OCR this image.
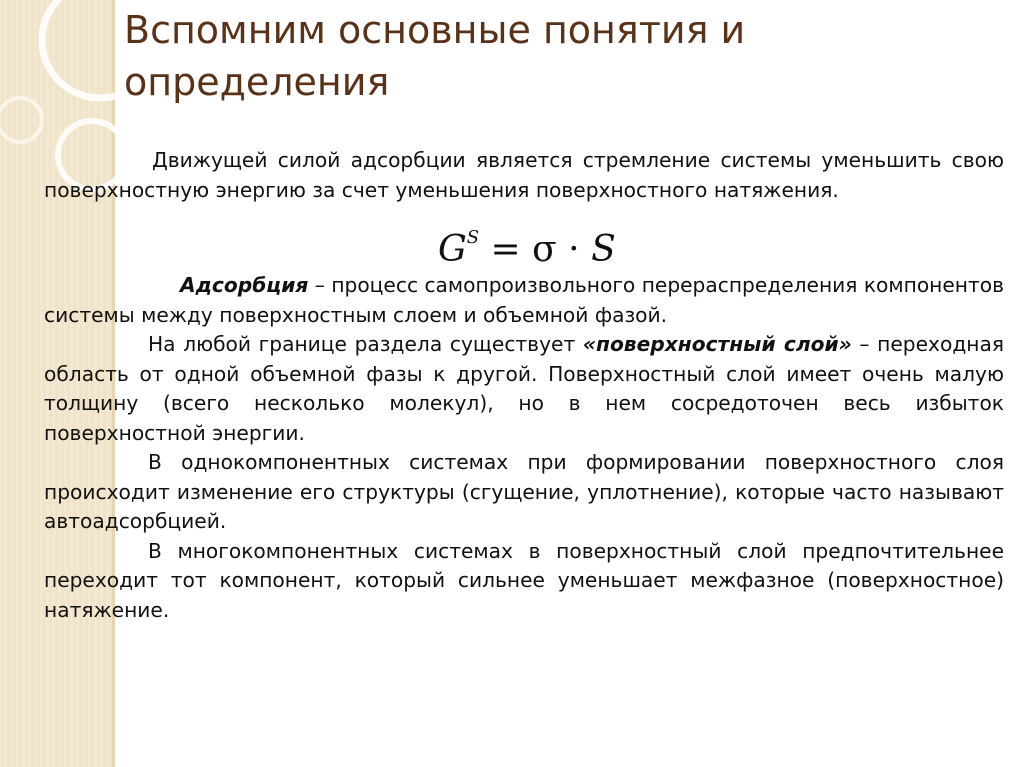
Вспомним основные понятия и определения

Движущей силой адсорбции является стремление системы уменьшить свою поверхностную энергию за счет уменьшения поверхностного натяжения.

$G^S = \sigma \cdot S$

Адсорбция – процесс самопроизвольного перераспределения компонентов системы между поверхностным слоем и объемной фазой.

На любой границе раздела существует «поверхностный слой» – переходная область от одной объемной фазы к другой. Поверхностный слой имеет очень малую толщину (всего несколько молекул), но в нем сосредоточен весь избыток поверхностной энергии.

В однокомпонентных системах при формировании поверхностного слоя происходит изменение его структуры (сгущение, уплотнение), которые часто называют автоадсорбцией.

В многокомпонентных системах в поверхностный слой предпочтительнее переходит тот компонент, который сильнее уменьшает межфазное (поверхностное) натяжение.
